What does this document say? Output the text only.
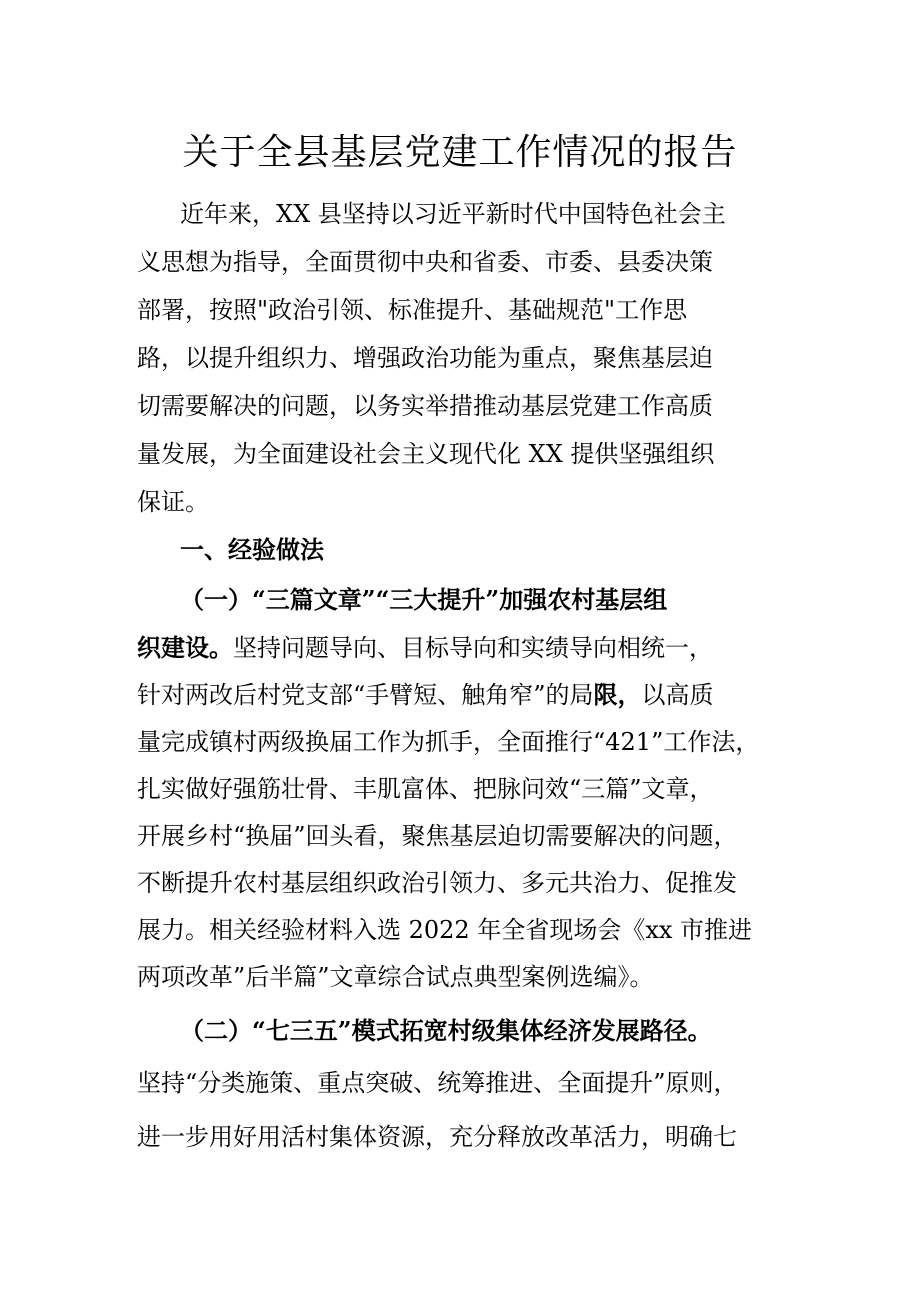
关于全县基层党建工作情况的报告
近年来，XX 县坚持以习近平新时代中国特色社会主
义思想为指导，全面贯彻中央和省委、市委、县委决策
部署，按照"政治引领、标准提升、基础规范"工作思
路，以提升组织力、增强政治功能为重点，聚焦基层迫
切需要解决的问题，以务实举措推动基层党建工作高质
量发展，为全面建设社会主义现代化 XX 提供坚强组织
保证。
一、经验做法
（一）“三篇文章”“三大提升”加强农村基层组
织建设。坚持问题导向、目标导向和实绩导向相统一，
针对两改后村党支部“手臂短、触角窄”的局限，以高质
量完成镇村两级换届工作为抓手，全面推行“421”工作法，
扎实做好强筋壮骨、丰肌富体、把脉问效“三篇”文章，
开展乡村“换届”回头看，聚焦基层迫切需要解决的问题，
不断提升农村基层组织政治引领力、多元共治力、促推发
展力。相关经验材料入选 2022 年全省现场会《xx 市推进
两项改革”后半篇”文章综合试点典型案例选编》。
（二）“七三五”模式拓宽村级集体经济发展路径。
坚持“分类施策、重点突破、统筹推进、全面提升”原则，
进一步用好用活村集体资源，充分释放改革活力，明确七
